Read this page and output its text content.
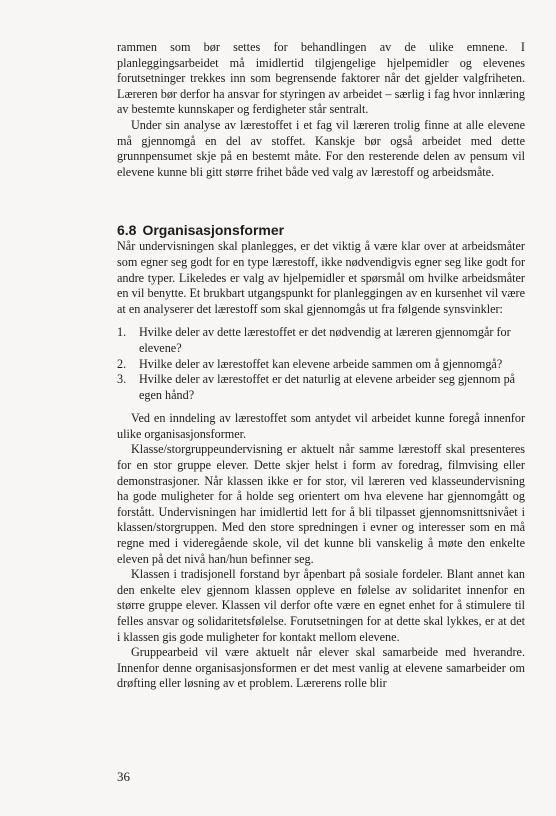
rammen som bør settes for behandlingen av de ulike emnene. I planleggingsarbeidet må imidlertid tilgjengelige hjelpemidler og elevenes forutsetninger trekkes inn som begrensende faktorer når det gjelder valgfriheten. Læreren bør derfor ha ansvar for styringen av arbeidet – særlig i fag hvor innlæring av bestemte kunnskaper og ferdigheter står sentralt.

Under sin analyse av lærestoffet i et fag vil læreren trolig finne at alle elevene må gjennomgå en del av stoffet. Kanskje bør også arbeidet med dette grunnpensumet skje på en bestemt måte. For den resterende delen av pensum vil elevene kunne bli gitt større frihet både ved valg av lærestoff og arbeidsmåte.

6.8 Organisasjonsformer

Når undervisningen skal planlegges, er det viktig å være klar over at arbeidsmåter som egner seg godt for en type lærestoff, ikke nødvendigvis egner seg like godt for andre typer. Likeledes er valg av hjelpemidler et spørsmål om hvilke arbeidsmåter en vil benytte. Et brukbart utgangspunkt for planleggingen av en kursenhet vil være at en analyserer det lærestoff som skal gjennomgås ut fra følgende synsvinkler:

1. Hvilke deler av dette lærestoffet er det nødvendig at læreren gjennomgår for elevene?
2. Hvilke deler av lærestoffet kan elevene arbeide sammen om å gjennomgå?
3. Hvilke deler av lærestoffet er det naturlig at elevene arbeider seg gjennom på egen hånd?

Ved en inndeling av lærestoffet som antydet vil arbeidet kunne foregå innenfor ulike organisasjonsformer.

Klasse/storgruppeundervisning er aktuelt når samme lærestoff skal presenteres for en stor gruppe elever. Dette skjer helst i form av foredrag, filmvising eller demonstrasjoner. Når klassen ikke er for stor, vil læreren ved klasseundervisning ha gode muligheter for å holde seg orientert om hva elevene har gjennomgått og forstått. Undervisningen har imidlertid lett for å bli tilpasset gjennomsnittsnivået i klassen/storgruppen. Med den store spredningen i evner og interesser som en må regne med i videregående skole, vil det kunne bli vanskelig å møte den enkelte eleven på det nivå han/hun befinner seg.

Klassen i tradisjonell forstand byr åpenbart på sosiale fordeler. Blant annet kan den enkelte elev gjennom klassen oppleve en følelse av solidaritet innenfor en større gruppe elever. Klassen vil derfor ofte være en egnet enhet for å stimulere til felles ansvar og solidaritetsfølelse. Forutsetningen for at dette skal lykkes, er at det i klassen gis gode muligheter for kontakt mellom elevene.

Gruppearbeid vil være aktuelt når elever skal samarbeide med hverandre. Innenfor denne organisasjonsformen er det mest vanlig at elevene samarbeider om drøfting eller løsning av et problem. Lærerens rolle blir

36
